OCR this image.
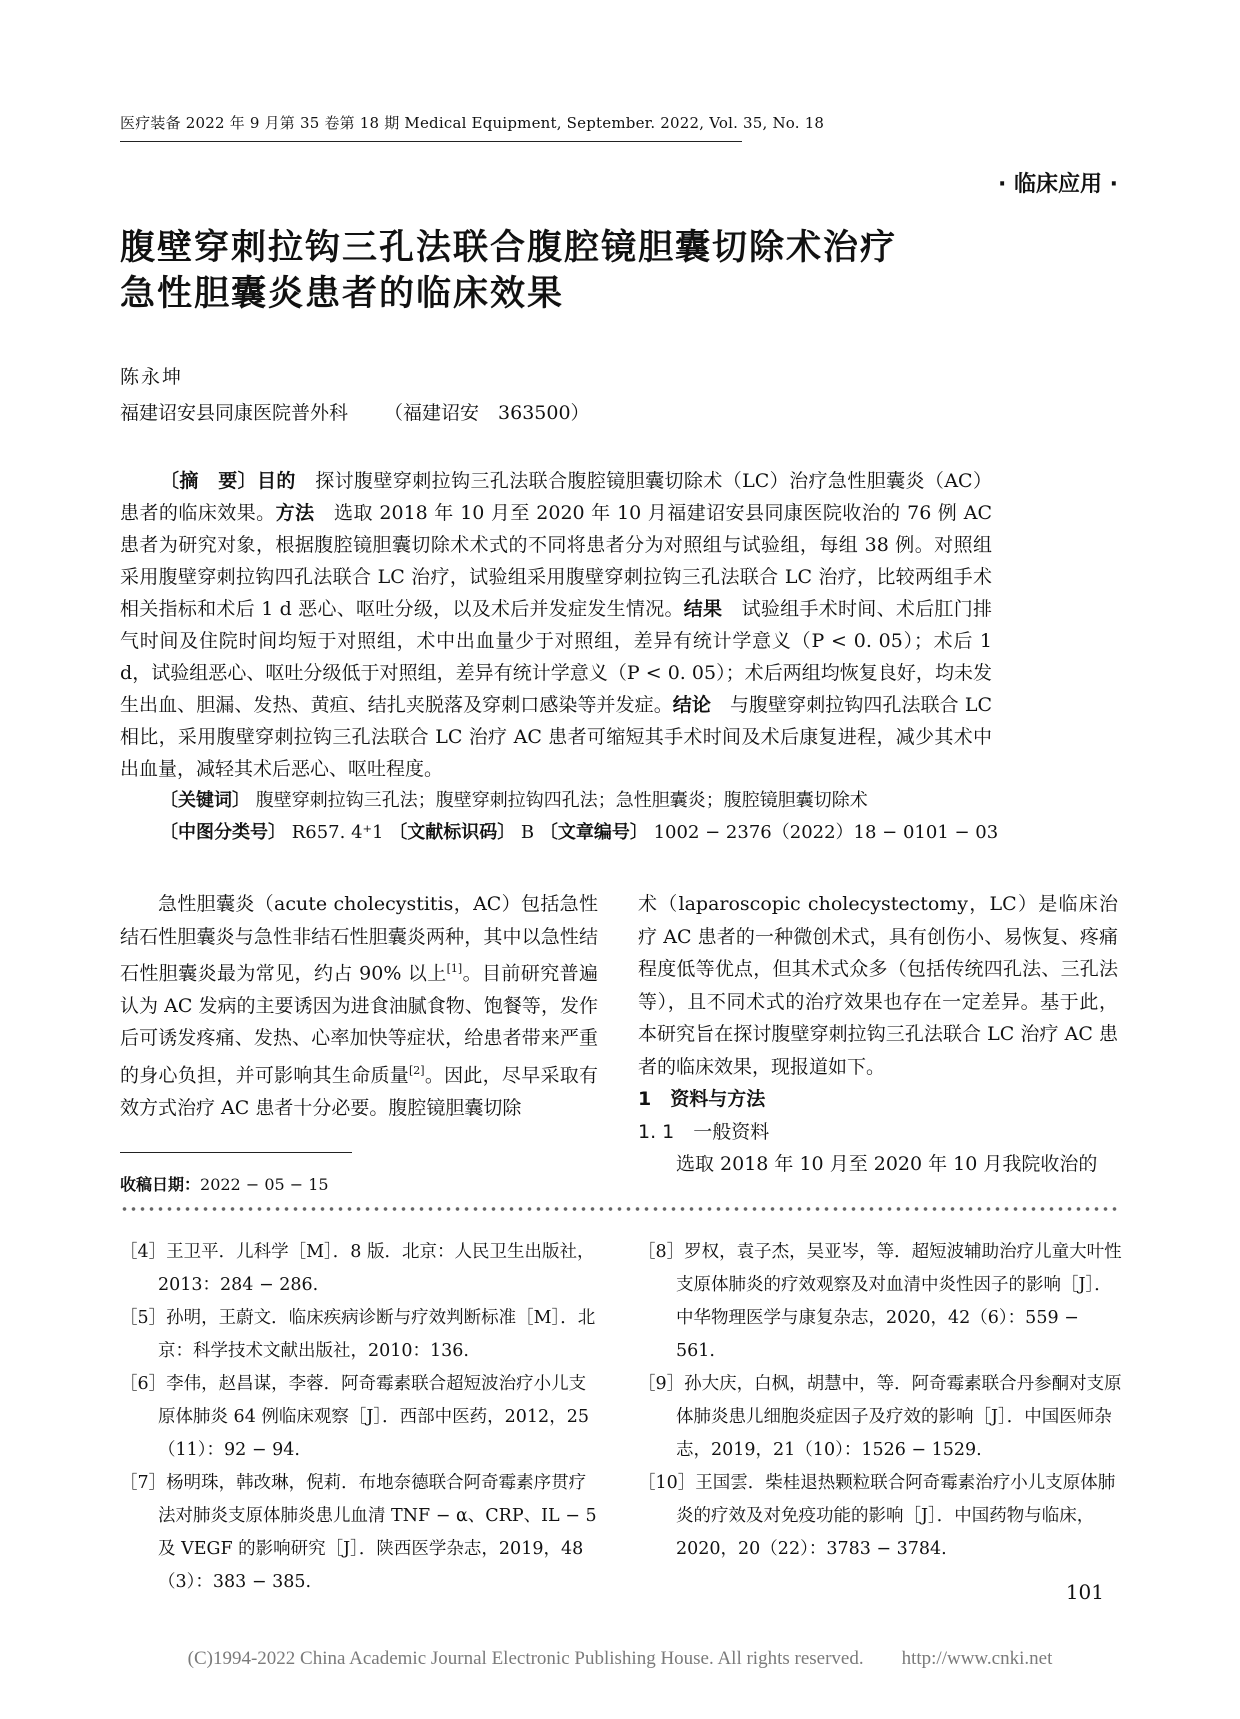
医疗装备 2022 年 9 月第 35 卷第 18 期 Medical Equipment, September. 2022, Vol. 35, No. 18
· 临床应用 ·
腹壁穿刺拉钩三孔法联合腹腔镜胆囊切除术治疗
急性胆囊炎患者的临床效果
陈永坤
福建诏安县同康医院普外科 （福建诏安　363500）

〔摘　要〕目的　探讨腹壁穿刺拉钩三孔法联合腹腔镜胆囊切除术（LC）治疗急性胆囊炎（AC）患者的临床效果。方法　选取 2018 年 10 月至 2020 年 10 月福建诏安县同康医院收治的 76 例 AC 患者为研究对象，根据腹腔镜胆囊切除术术式的不同将患者分为对照组与试验组，每组 38 例。对照组采用腹壁穿刺拉钩四孔法联合 LC 治疗，试验组采用腹壁穿刺拉钩三孔法联合 LC 治疗，比较两组手术相关指标和术后 1 d 恶心、呕吐分级，以及术后并发症发生情况。结果　试验组手术时间、术后肛门排气时间及住院时间均短于对照组，术中出血量少于对照组，差异有统计学意义（P < 0. 05）；术后 1 d，试验组恶心、呕吐分级低于对照组，差异有统计学意义（P < 0. 05）；术后两组均恢复良好，均未发生出血、胆漏、发热、黄疸、结扎夹脱落及穿刺口感染等并发症。结论　与腹壁穿刺拉钩四孔法联合 LC 相比，采用腹壁穿刺拉钩三孔法联合 LC 治疗 AC 患者可缩短其手术时间及术后康复进程，减少其术中出血量，减轻其术后恶心、呕吐程度。

〔关键词〕 腹壁穿刺拉钩三孔法；腹壁穿刺拉钩四孔法；急性胆囊炎；腹腔镜胆囊切除术

〔中图分类号〕 R657. 4⁺1 〔文献标识码〕 B 〔文章编号〕 1002 − 2376（2022）18 − 0101 − 03

急性胆囊炎（acute cholecystitis，AC）包括急性结石性胆囊炎与急性非结石性胆囊炎两种，其中以急性结石性胆囊炎最为常见，约占 90% 以上[1]。目前研究普遍认为 AC 发病的主要诱因为进食油腻食物、饱餐等，发作后可诱发疼痛、发热、心率加快等症状，给患者带来严重的身心负担，并可影响其生命质量[2]。因此，尽早采取有效方式治疗 AC 患者十分必要。腹腔镜胆囊切除

术（laparoscopic cholecystectomy，LC）是临床治疗 AC 患者的一种微创术式，具有创伤小、易恢复、疼痛程度低等优点，但其术式众多（包括传统四孔法、三孔法等），且不同术式的治疗效果也存在一定差异。基于此，本研究旨在探讨腹壁穿刺拉钩三孔法联合 LC 治疗 AC 患者的临床效果，现报道如下。

1　资料与方法

1. 1　一般资料

选取 2018 年 10 月至 2020 年 10 月我院收治的

收稿日期：2022 − 05 − 15

［4］王卫平．儿科学［M］．8 版．北京：人民卫生出版社，2013：284 − 286.

［5］孙明，王蔚文．临床疾病诊断与疗效判断标准［M］．北京：科学技术文献出版社，2010：136.

［6］李伟，赵昌谋，李蓉．阿奇霉素联合超短波治疗小儿支原体肺炎 64 例临床观察［J］．西部中医药，2012，25（11）：92 − 94.

［7］杨明珠，韩改琳，倪莉．布地奈德联合阿奇霉素序贯疗法对肺炎支原体肺炎患儿血清 TNF − α、CRP、IL − 5 及 VEGF 的影响研究［J］．陕西医学杂志，2019，48（3）：383 − 385.

［8］罗权，袁子杰，吴亚岑，等．超短波辅助治疗儿童大叶性支原体肺炎的疗效观察及对血清中炎性因子的影响［J］．中华物理医学与康复杂志，2020，42（6）：559 − 561.

［9］孙大庆，白枫，胡慧中，等．阿奇霉素联合丹参酮对支原体肺炎患儿细胞炎症因子及疗效的影响［J］．中国医师杂志，2019，21（10）：1526 − 1529.

［10］王国雲．柴桂退热颗粒联合阿奇霉素治疗小儿支原体肺炎的疗效及对免疫功能的影响［J］．中国药物与临床，2020，20（22）：3783 − 3784.

101
(C)1994-2022 China Academic Journal Electronic Publishing House. All rights reserved.　　http://www.cnki.net
